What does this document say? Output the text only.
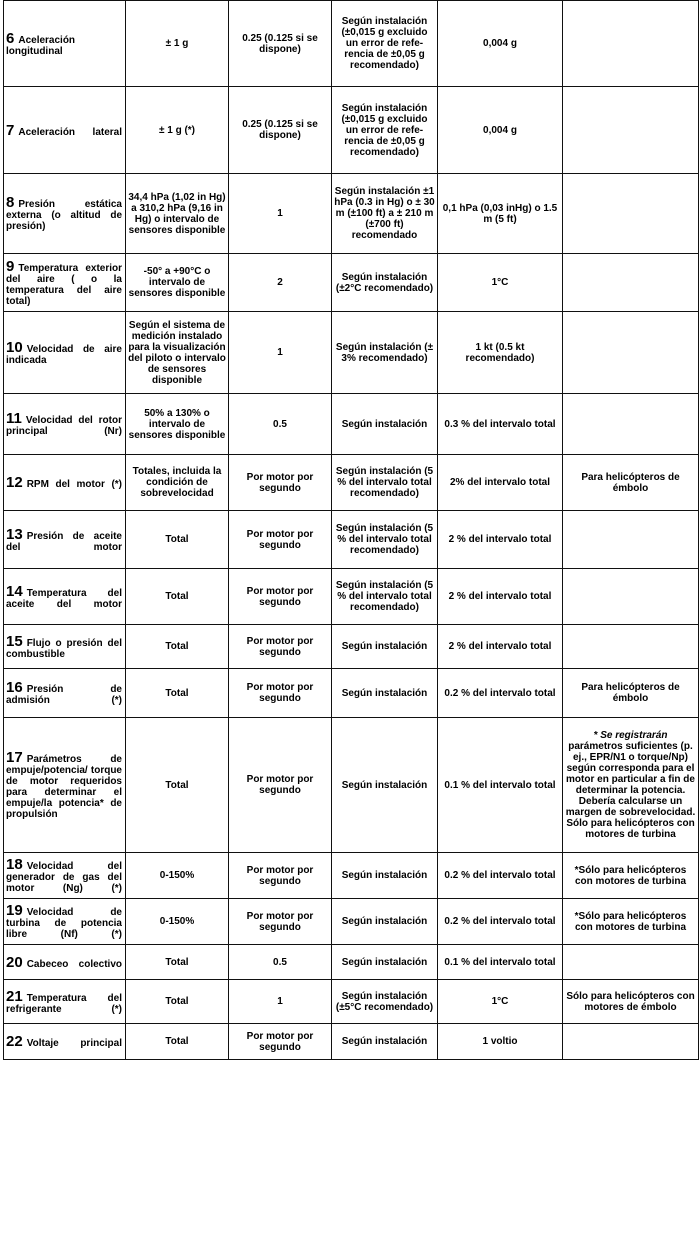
6 Aceleración longitudinal	± 1 g	0.25 (0.125 si se dispone)	Según instalación (±0,015 g excluido un error de refe- rencia de ±0,05 g recomendado)	0,004 g	
7 Aceleración lateral	± 1 g (*)	0.25 (0.125 si se dispone)	Según instalación (±0,015 g excluido un error de refe- rencia de ±0,05 g recomendado)	0,004 g	
8 Presión estática externa (o altitud de presión)	34,4 hPa (1,02 in Hg) a 310,2 hPa (9,16 in Hg) o intervalo de sensores disponible	1	Según instalación ±1 hPa (0.3 in Hg) o ± 30 m (±100 ft) a ± 210 m (±700 ft) recomendado	0,1 hPa (0,03 inHg) o 1.5 m (5 ft)	
9 Temperatura exterior del aire ( o la temperatura del aire total)	-50° a +90°C o intervalo de sensores disponible	2	Según instalación (±2°C recomendado)	1°C	
10 Velocidad de aire indicada	Según el sistema de medición instalado para la visualización del piloto o intervalo de sensores disponible	1	Según instalación (± 3% recomendado)	1 kt (0.5 kt recomendado)	
11 Velocidad del rotor principal (Nr)	50% a 130% o intervalo de sensores disponible	0.5	Según instalación	0.3 % del intervalo total	
12 RPM del motor (*)	Totales, incluida la condición de sobrevelocidad	Por motor por segundo	Según instalación (5 % del intervalo total recomendado)	2% del intervalo total	Para helicópteros de émbolo
13 Presión de aceite del motor	Total	Por motor por segundo	Según instalación (5 % del intervalo total recomendado)	2 % del intervalo total	
14 Temperatura del aceite del motor	Total	Por motor por segundo	Según instalación (5 % del intervalo total recomendado)	2 % del intervalo total	
15 Flujo o presión del combustible	Total	Por motor por segundo	Según instalación	2 % del intervalo total	
16 Presión de admisión (*)	Total	Por motor por segundo	Según instalación	0.2 % del intervalo total	Para helicópteros de émbolo
17 Parámetros de empuje/potencia/ torque de motor requeridos para determinar el empuje/la potencia* de propulsión	Total	Por motor por segundo	Según instalación	0.1 % del intervalo total	* Se registrarán parámetros suficientes (p. ej., EPR/N1 o torque/Np) según corresponda para el motor en particular a fin de determinar la potencia. Debería calcularse un margen de sobrevelocidad. Sólo para helicópteros con motores de turbina
18 Velocidad del generador de gas del motor (Ng) (*)	0-150%	Por motor por segundo	Según instalación	0.2 % del intervalo total	*Sólo para helicópteros con motores de turbina
19 Velocidad de turbina de potencia libre (Nf) (*)	0-150%	Por motor por segundo	Según instalación	0.2 % del intervalo total	*Sólo para helicópteros con motores de turbina
20 Cabeceo colectivo	Total	0.5	Según instalación	0.1 % del intervalo total	
21 Temperatura del refrigerante (*)	Total	1	Según instalación (±5°C recomendado)	1°C	Sólo para helicópteros con motores de émbolo
22 Voltaje principal	Total	Por motor por segundo	Según instalación	1 voltio	
